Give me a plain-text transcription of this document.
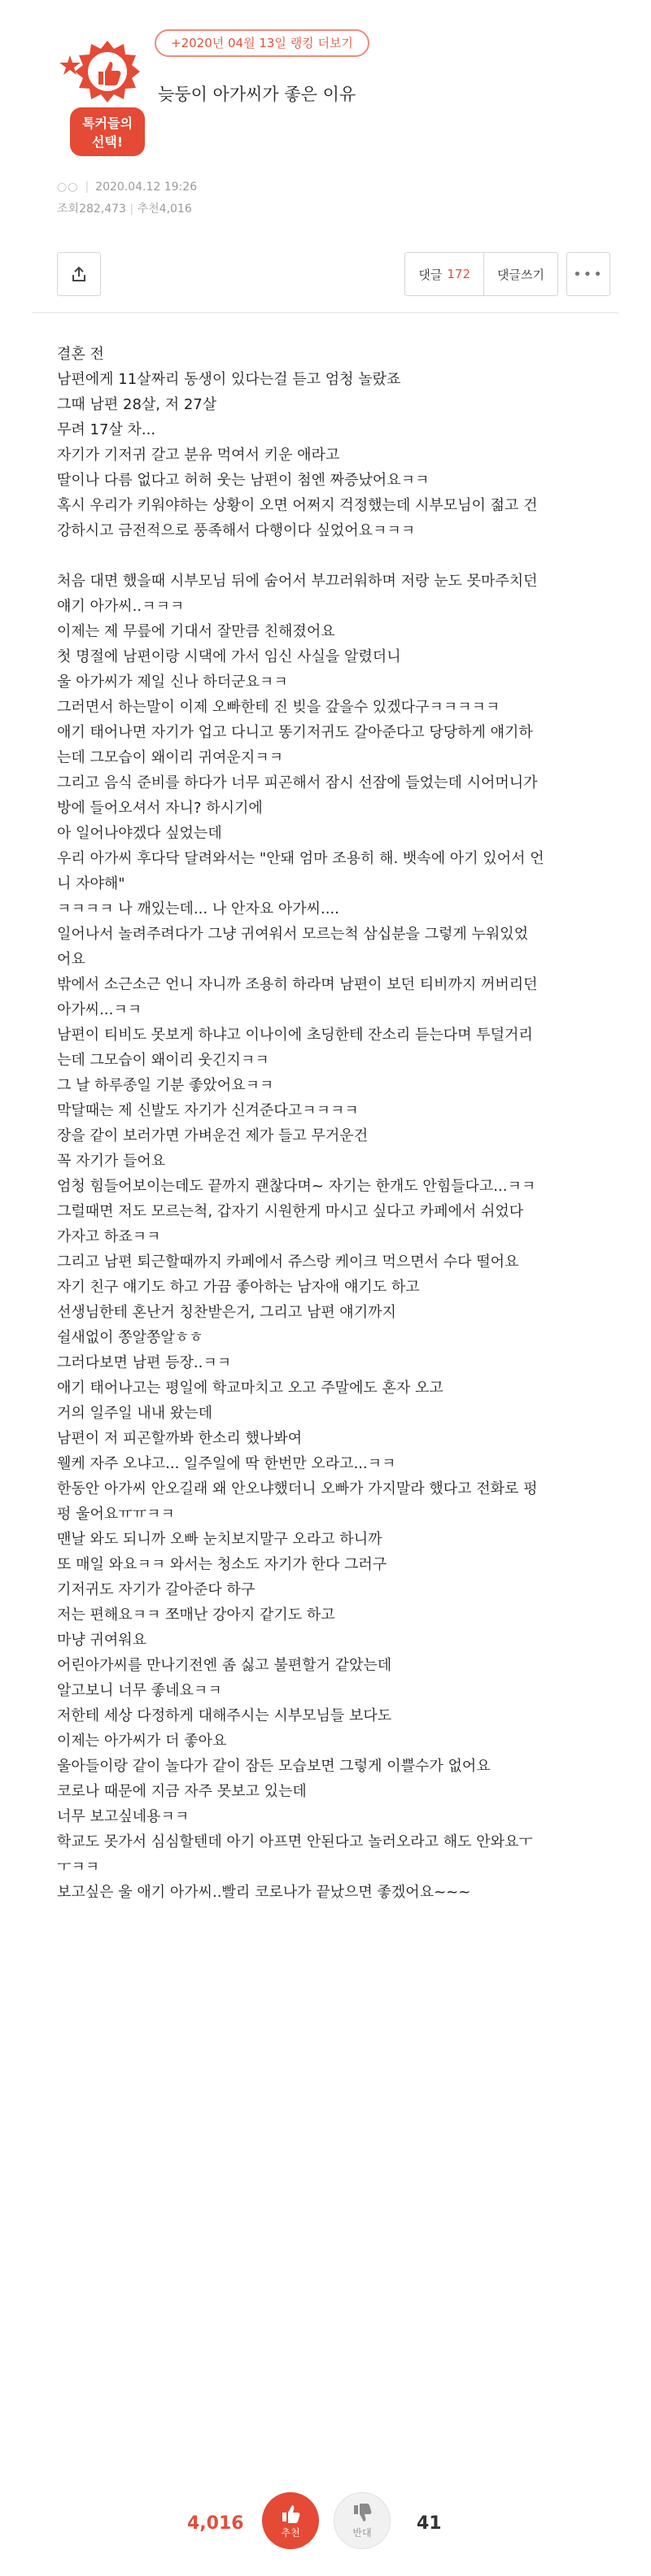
톡커들의
선택!
+2020년 04월 13일 랭킹 더보기
늦둥이 아가씨가 좋은 이유
○○ | 2020.04.12 19:26
조회282,473 | 추천4,016
댓글 172 댓글쓰기 •••

결혼 전

남편에게 11살짜리 동생이 있다는걸 듣고 엄청 놀랐죠

그때 남편 28살, 저 27살

무려 17살 차...

자기가 기저귀 갈고 분유 먹여서 키운 애라고

딸이나 다름 없다고 허허 웃는 남편이 첨엔 짜증났어요ㅋㅋ

혹시 우리가 키워야하는 상황이 오면 어쩌지 걱정했는데 시부모님이 젊고 건

강하시고 금전적으로 풍족해서 다행이다 싶었어요ㅋㅋㅋ

처음 대면 했을때 시부모님 뒤에 숨어서 부끄러워하며 저랑 눈도 못마주치던

얘기 아가씨..ㅋㅋㅋ

이제는 제 무릎에 기대서 잘만큼 친해졌어요

첫 명절에 남편이랑 시댁에 가서 임신 사실을 알렸더니

울 아가씨가 제일 신나 하더군요ㅋㅋ

그러면서 하는말이 이제 오빠한테 진 빚을 갚을수 있겠다구ㅋㅋㅋㅋㅋ

애기 태어나면 자기가 업고 다니고 똥기저귀도 갈아준다고 당당하게 얘기하

는데 그모습이 왜이리 귀여운지ㅋㅋ

그리고 음식 준비를 하다가 너무 피곤해서 잠시 선잠에 들었는데 시어머니가

방에 들어오셔서 자니? 하시기에

아 일어나야겠다 싶었는데

우리 아가씨 후다닥 달려와서는 "안돼 엄마 조용히 해. 뱃속에 아기 있어서 언

니 자야해"

ㅋㅋㅋㅋ 나 깨있는데... 나 안자요 아가씨....

일어나서 놀려주려다가 그냥 귀여워서 모르는척 삼십분을 그렇게 누워있었

어요

밖에서 소근소근 언니 자니까 조용히 하라며 남편이 보던 티비까지 꺼버리던

아가씨...ㅋㅋ

남편이 티비도 못보게 하냐고 이나이에 초딩한테 잔소리 듣는다며 투덜거리

는데 그모습이 왜이리 웃긴지ㅋㅋ

그 날 하루종일 기분 좋았어요ㅋㅋ

막달때는 제 신발도 자기가 신겨준다고ㅋㅋㅋㅋ

장을 같이 보러가면 가벼운건 제가 들고 무거운건

꼭 자기가 들어요

엄청 힘들어보이는데도 끝까지 괜찮다며~ 자기는 한개도 안힘들다고...ㅋㅋ

그럴때면 저도 모르는척, 갑자기 시원한게 마시고 싶다고 카페에서 쉬었다

가자고 하죠ㅋㅋ

그리고 남편 퇴근할때까지 카페에서 쥬스랑 케이크 먹으면서 수다 떨어요

자기 친구 얘기도 하고 가끔 좋아하는 남자애 얘기도 하고

선생님한테 혼난거 칭찬받은거, 그리고 남편 얘기까지

쉴새없이 쫑알쫑알ㅎㅎ

그러다보면 남편 등장..ㅋㅋ

애기 태어나고는 평일에 학교마치고 오고 주말에도 혼자 오고

거의 일주일 내내 왔는데

남편이 저 피곤할까봐 한소리 했나봐여

웰케 자주 오냐고... 일주일에 딱 한번만 오라고...ㅋㅋ

한동안 아가씨 안오길래 왜 안오냐했더니 오빠가 가지말라 했다고 전화로 펑

펑 울어요ㅠㅠㅋㅋ

맨날 와도 되니까 오빠 눈치보지말구 오라고 하니까

또 매일 와요ㅋㅋ 와서는 청소도 자기가 한다 그러구

기저귀도 자기가 갈아준다 하구

저는 편해요ㅋㅋ 쪼매난 강아지 같기도 하고

마냥 귀여워요

어린아가씨를 만나기전엔 좀 싫고 불편할거 같았는데

알고보니 너무 좋네요ㅋㅋ

저한테 세상 다정하게 대해주시는 시부모님들 보다도

이제는 아가씨가 더 좋아요

울아들이랑 같이 놀다가 같이 잠든 모습보면 그렇게 이쁠수가 없어요

코로나 때문에 지금 자주 못보고 있는데

너무 보고싶네용ㅋㅋ

학교도 못가서 심심할텐데 아기 아프면 안된다고 놀러오라고 해도 안와요ㅜ

ㅜㅋㅋ

보고싶은 울 애기 아가씨..빨리 코로나가 끝났으면 좋겠어요~~~

4,016	추천	반대	41
